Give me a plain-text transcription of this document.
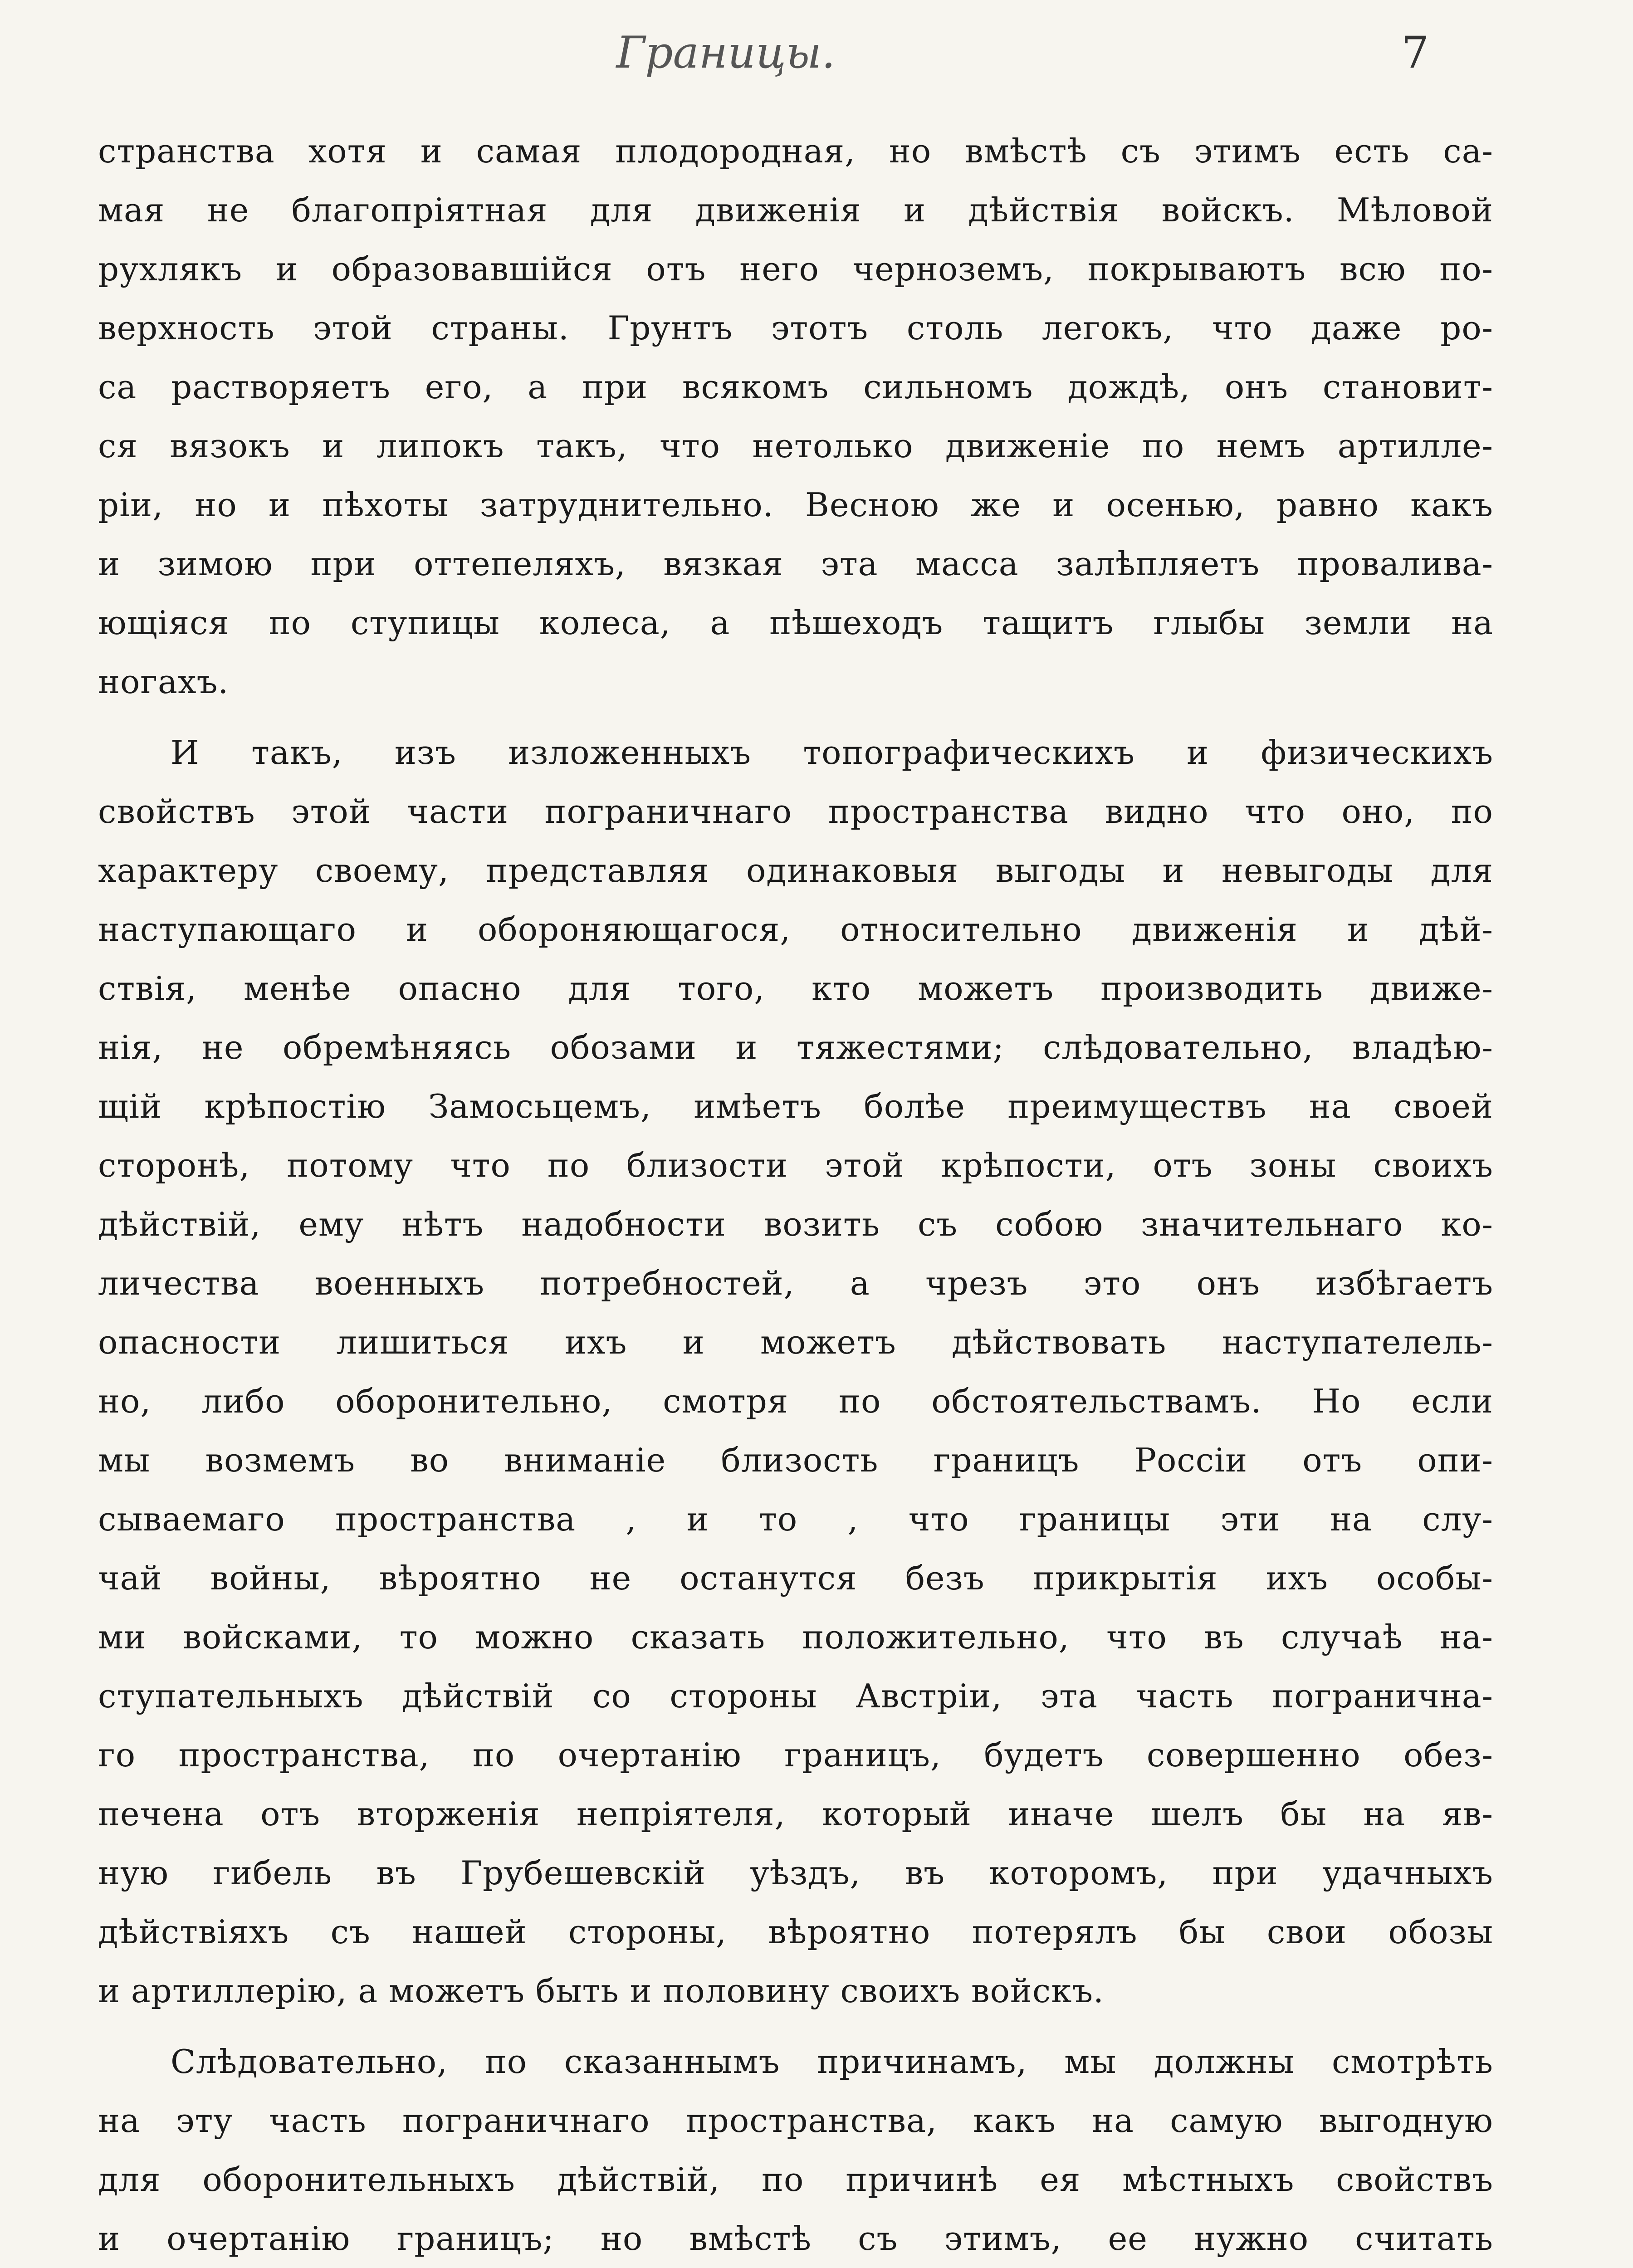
Границы.	7
странства хотя и самая плодородная, но вмѣстѣ съ этимъ есть са-
мая не благопріятная для движенія и дѣйствія войскъ. Мѣловой
рухлякъ и образовавшійся отъ него черноземъ, покрываютъ всю по-
верхность этой страны. Грунтъ этотъ столь легокъ, что даже ро-
са растворяетъ его, а при всякомъ сильномъ дождѣ, онъ становит-
ся вязокъ и липокъ такъ, что нетолько движеніе по немъ артилле-
ріи, но и пѣхоты затруднительно. Весною же и осенью, равно какъ
и зимою при оттепеляхъ, вязкая эта масса залѣпляетъ проваливa-
ющіяся по ступицы колеса, а пѣшеходъ тащитъ глыбы земли на
ногахъ.
И такъ, изъ изложенныхъ топографическихъ и физическихъ
свойствъ этой части пограничнаго пространства видно что оно, по
характеру своему, представляя одинаковыя выгоды и невыгоды для
наступающаго и обороняющагося, относительно движенія и дѣй-
ствія, менѣе опасно для того, кто можетъ производить движе-
нія, не обремѣняясь обозами и тяжестями; слѣдовательно, владѣю-
щій крѣпостію Замосьцемъ, имѣетъ болѣе преимуществъ на своей
сторонѣ, потому что по близости этой крѣпости, отъ зоны своихъ
дѣйствій, ему нѣтъ надобности возить съ собою значительнаго ко-
личества военныхъ потребностей, а чрезъ это онъ избѣгаетъ
опасности лишиться ихъ и можетъ дѣйствовать наступателель-
но, либо оборонительно, смотря по обстоятельствамъ. Но если
мы возмемъ во вниманіе близость границъ Россіи отъ опи-
сываемаго пространства , и то , что границы эти на слу-
чай войны, вѣроятно не останутся безъ прикрытія ихъ особы-
ми войсками, то можно сказать положительно, что въ случаѣ на-
ступательныхъ дѣйствій со стороны Австріи, эта часть погранична-
го пространства, по очертанію границъ, будетъ совершенно обез-
печена отъ вторженія непріятеля, который иначе шелъ бы на яв-
ную гибель въ Грубешевскій уѣздъ, въ которомъ, при удачныхъ
дѣйствіяхъ съ нашей стороны, вѣроятно потерялъ бы свои обозы
и артиллерію, а можетъ быть и половину своихъ войскъ.
Слѣдовательно, по сказаннымъ причинамъ, мы должны смотрѣть
на эту часть пограничнаго пространства, какъ на самую выгодную
для оборонительныхъ дѣйствій, по причинѣ ея мѣстныхъ свойствъ
и очертанію границъ; но вмѣстѣ съ этимъ, ее нужно считать
